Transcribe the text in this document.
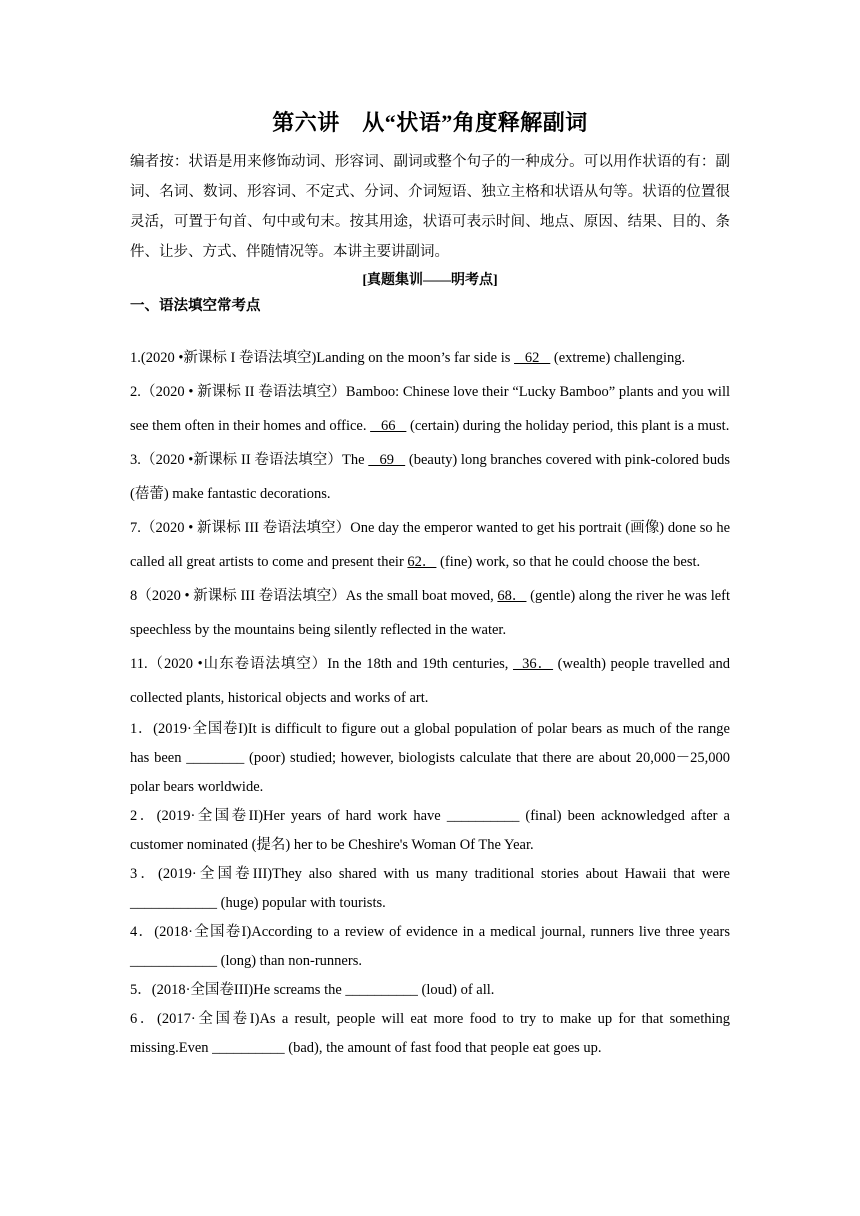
第六讲　从“状语”角度释解副词

编者按：状语是用来修饰动词、形容词、副词或整个句子的一种成分。可以用作状语的有：副词、名词、数词、形容词、不定式、分词、介词短语、独立主格和状语从句等。状语的位置很灵活，可置于句首、句中或句末。按其用途，状语可表示时间、地点、原因、结果、目的、条件、让步、方式、伴随情况等。本讲主要讲副词。

[真题集训——明考点]
一、语法填空常考点

1.(2020 •新课标 I 卷语法填空)Landing on the moon’s far side is    62    (extreme) challenging.

2.（2020 • 新课标 II 卷语法填空）Bamboo: Chinese love their “Lucky Bamboo” plants and you will see them often in their homes and office.    66    (certain) during the holiday period, this plant is a must.

3.（2020 •新课标 II 卷语法填空）The    69    (beauty) long branches covered with pink-colored buds (蓓蕾) make fantastic decorations.

7.（2020 • 新课标 III 卷语法填空）One day the emperor wanted to get his portrait (画像) done so he called all great artists to come and present their 62． (fine) work, so that he could choose the best.

8（2020 • 新课标 III 卷语法填空）As the small boat moved, 68． (gentle) along the river he was left speechless by the mountains being silently reflected in the water.

11.（2020 •山东卷语法填空）In the 18th and 19th centuries,   36． (wealth) people travelled and collected plants, historical objects and works of art.

1．(2019·全国卷I)It is difficult to figure out a global population of polar bears as much of the range has been ________ (poor) studied; however, biologists calculate that there are about 20,000－25,000 polar bears worldwide.

2．(2019·全国卷II)Her years of hard work have __________ (final) been acknowledged after a customer nominated (提名) her to be Cheshire's Woman Of The Year.

3．(2019·全国卷III)They also shared with us many traditional stories about Hawaii that were ____________ (huge) popular with tourists.

4．(2018·全国卷I)According to a review of evidence in a medical journal, runners live three years ____________ (long) than non-runners.

5．(2018·全国卷III)He screams the __________ (loud) of all.

6．(2017·全国卷I)As a result, people will eat more food to try to make up for that something missing.Even __________ (bad), the amount of fast food that people eat goes up.
